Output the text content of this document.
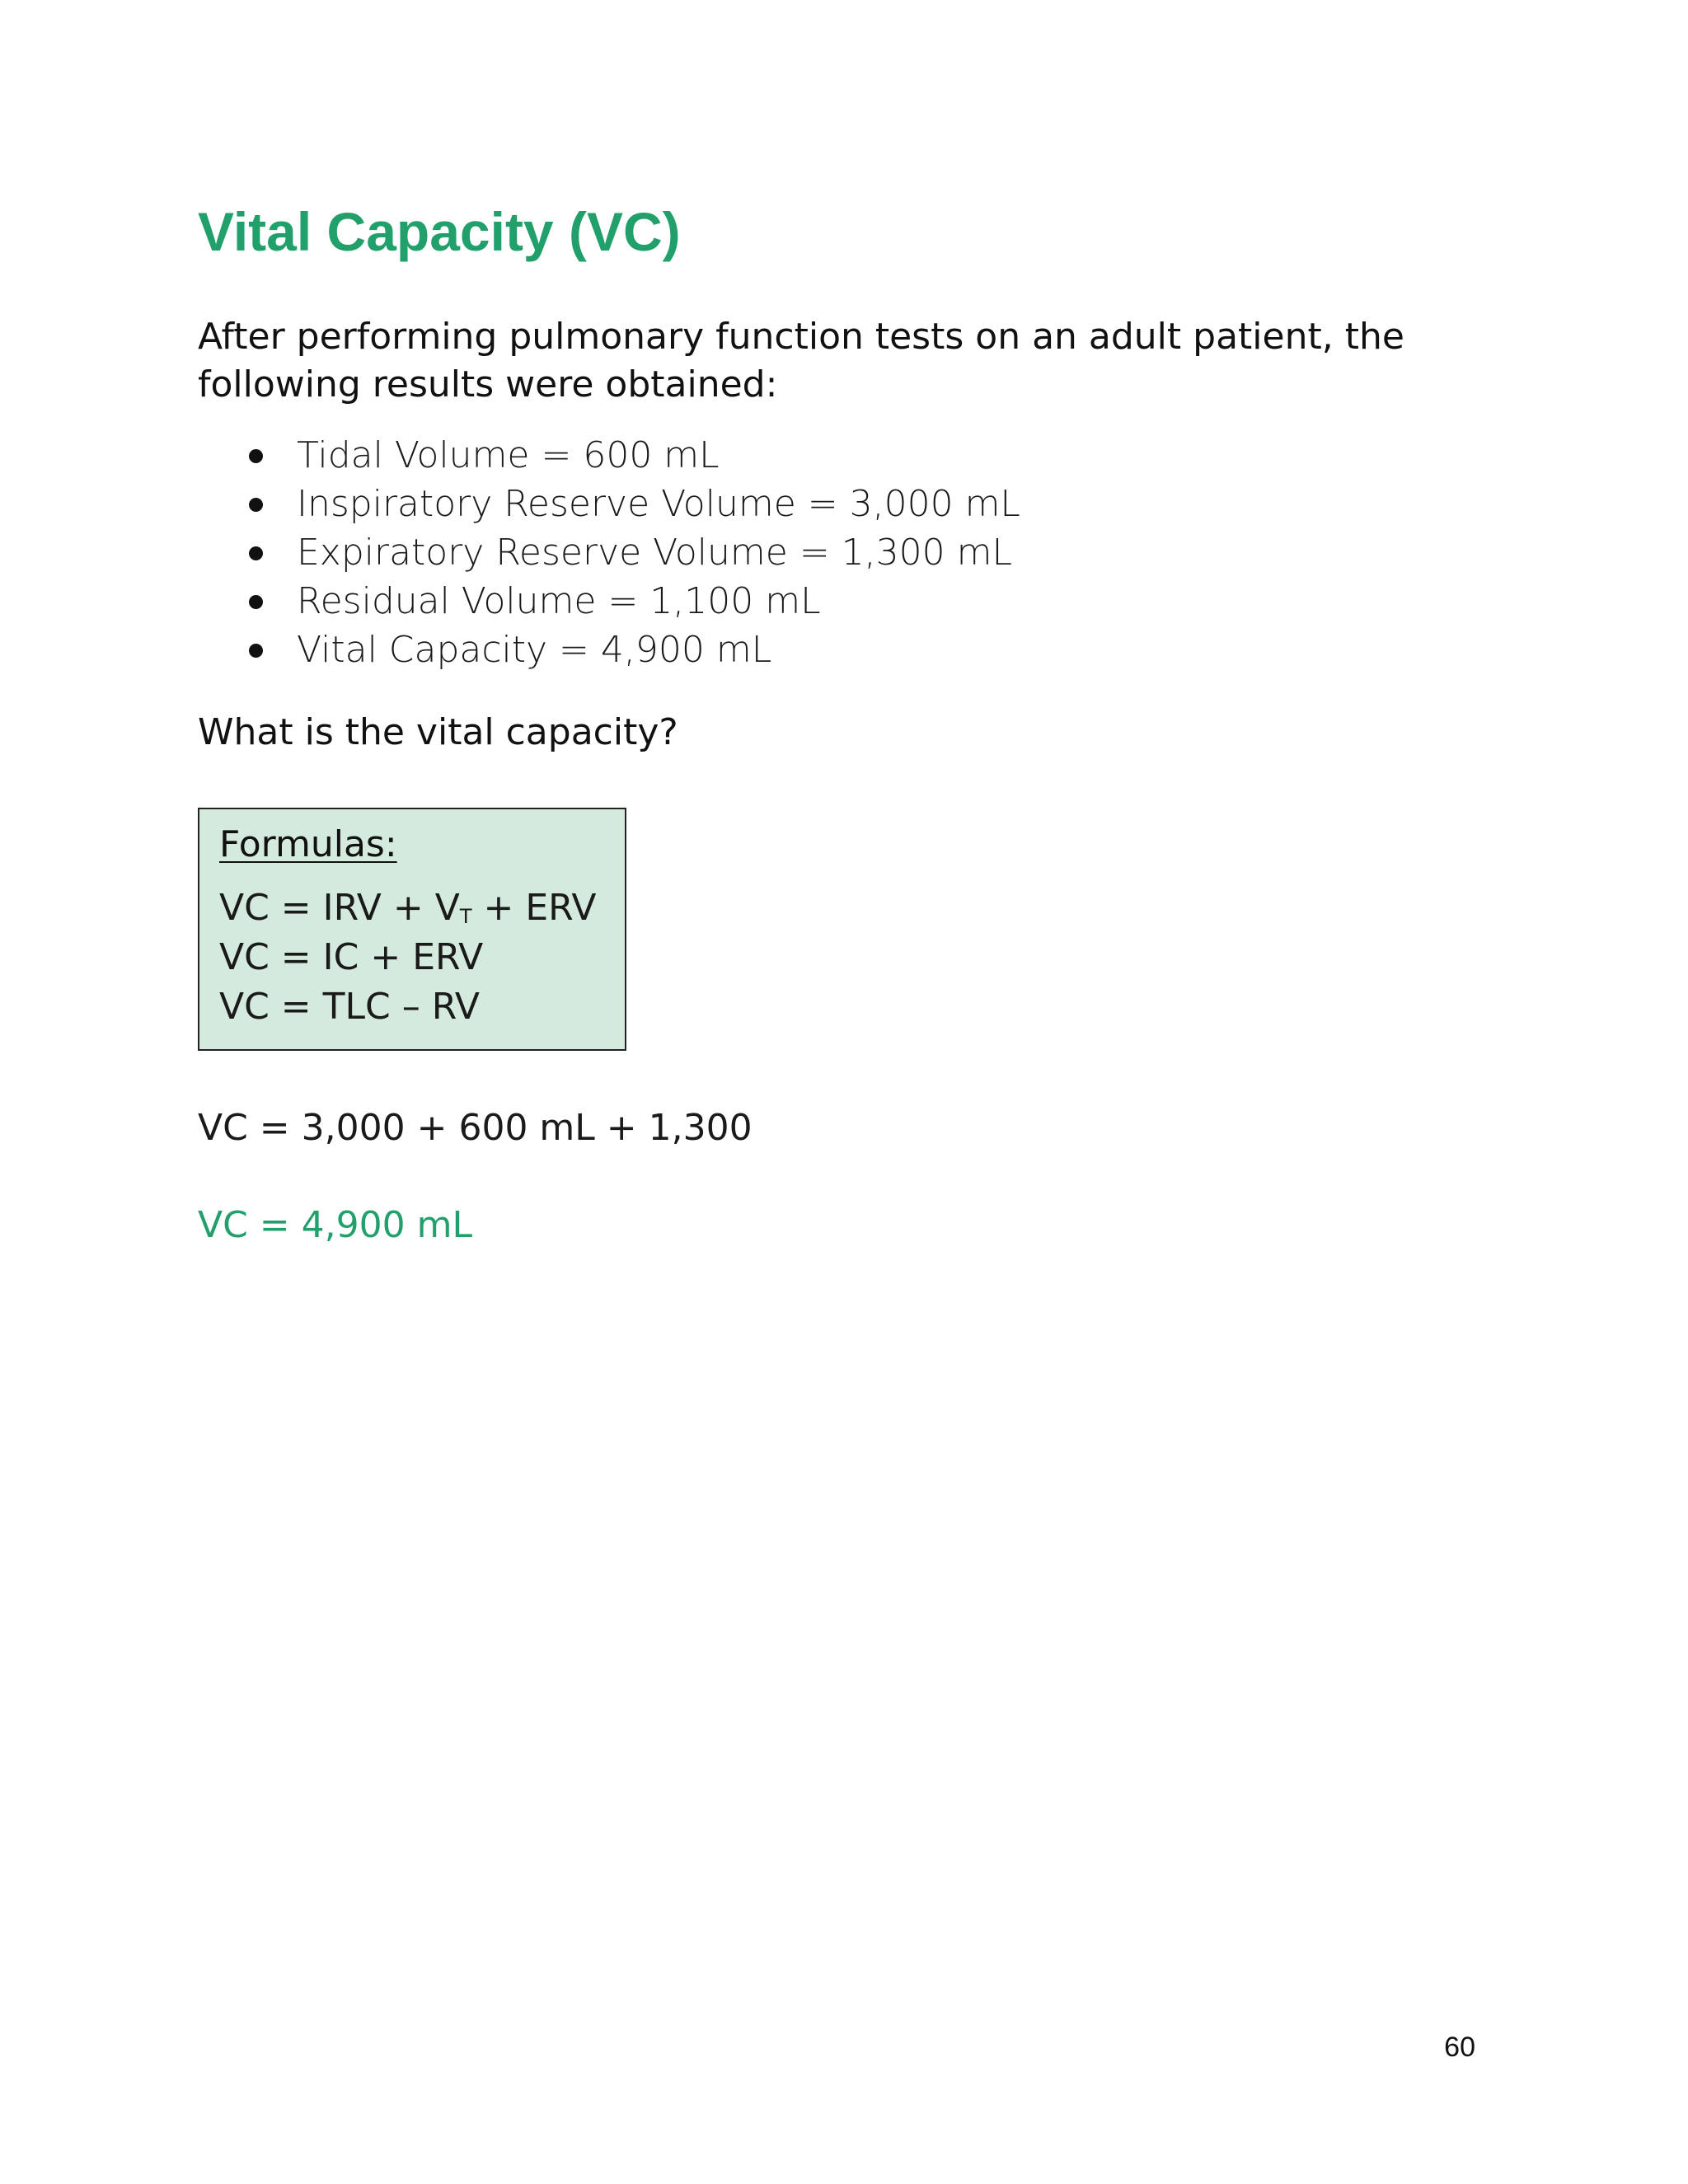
Vital Capacity (VC)

After performing pulmonary function tests on an adult patient, the following results were obtained:

Tidal Volume = 600 mL
Inspiratory Reserve Volume = 3,000 mL
Expiratory Reserve Volume = 1,300 mL
Residual Volume = 1,100 mL
Vital Capacity = 4,900 mL

What is the vital capacity?

Formulas:
VC = IRV + $V_T$ + ERV
VC = IC + ERV
VC = TLC – RV

VC = 3,000 + 600 mL + 1,300

VC = 4,900 mL

60
